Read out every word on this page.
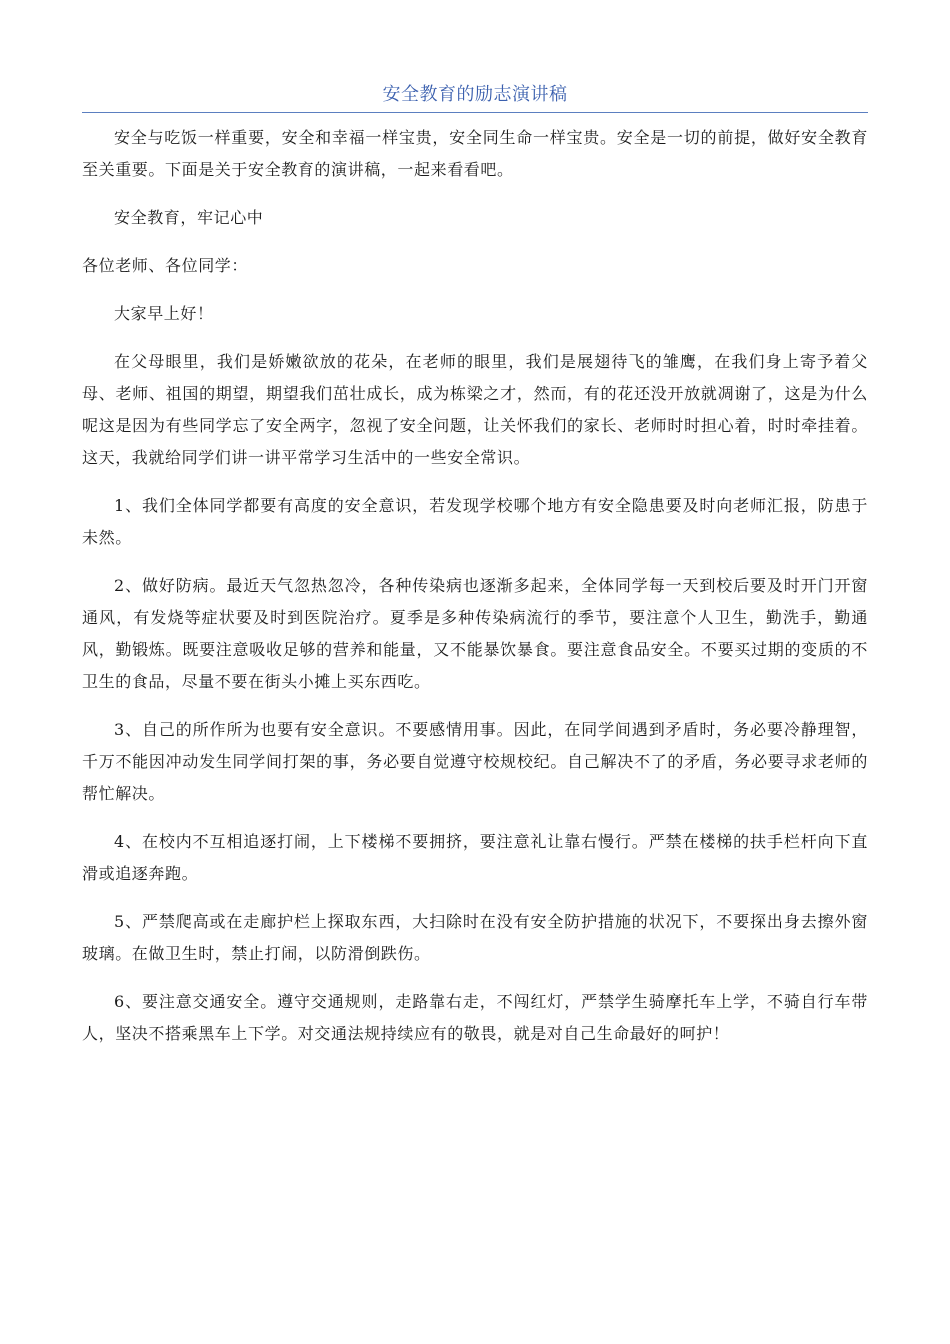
安全教育的励志演讲稿

安全与吃饭一样重要，安全和幸福一样宝贵，安全同生命一样宝贵。安全是一切的前提，做好安全教育至关重要。下面是关于安全教育的演讲稿，一起来看看吧。

安全教育，牢记心中

各位老师、各位同学：

大家早上好！

在父母眼里，我们是娇嫩欲放的花朵，在老师的眼里，我们是展翅待飞的雏鹰，在我们身上寄予着父母、老师、祖国的期望，期望我们茁壮成长，成为栋梁之才，然而，有的花还没开放就凋谢了，这是为什么呢这是因为有些同学忘了安全两字，忽视了安全问题，让关怀我们的家长、老师时时担心着，时时牵挂着。这天，我就给同学们讲一讲平常学习生活中的一些安全常识。

1、我们全体同学都要有高度的安全意识，若发现学校哪个地方有安全隐患要及时向老师汇报，防患于未然。

2、做好防病。最近天气忽热忽冷，各种传染病也逐渐多起来，全体同学每一天到校后要及时开门开窗通风，有发烧等症状要及时到医院治疗。夏季是多种传染病流行的季节，要注意个人卫生，勤洗手，勤通风，勤锻炼。既要注意吸收足够的营养和能量，又不能暴饮暴食。要注意食品安全。不要买过期的变质的不卫生的食品，尽量不要在街头小摊上买东西吃。

3、自己的所作所为也要有安全意识。不要感情用事。因此，在同学间遇到矛盾时，务必要冷静理智，千万不能因冲动发生同学间打架的事，务必要自觉遵守校规校纪。自己解决不了的矛盾，务必要寻求老师的帮忙解决。

4、在校内不互相追逐打闹，上下楼梯不要拥挤，要注意礼让靠右慢行。严禁在楼梯的扶手栏杆向下直滑或追逐奔跑。

5、严禁爬高或在走廊护栏上探取东西，大扫除时在没有安全防护措施的状况下，不要探出身去擦外窗玻璃。在做卫生时，禁止打闹，以防滑倒跌伤。

6、要注意交通安全。遵守交通规则，走路靠右走，不闯红灯，严禁学生骑摩托车上学，不骑自行车带人，坚决不搭乘黑车上下学。对交通法规持续应有的敬畏，就是对自己生命最好的呵护！
